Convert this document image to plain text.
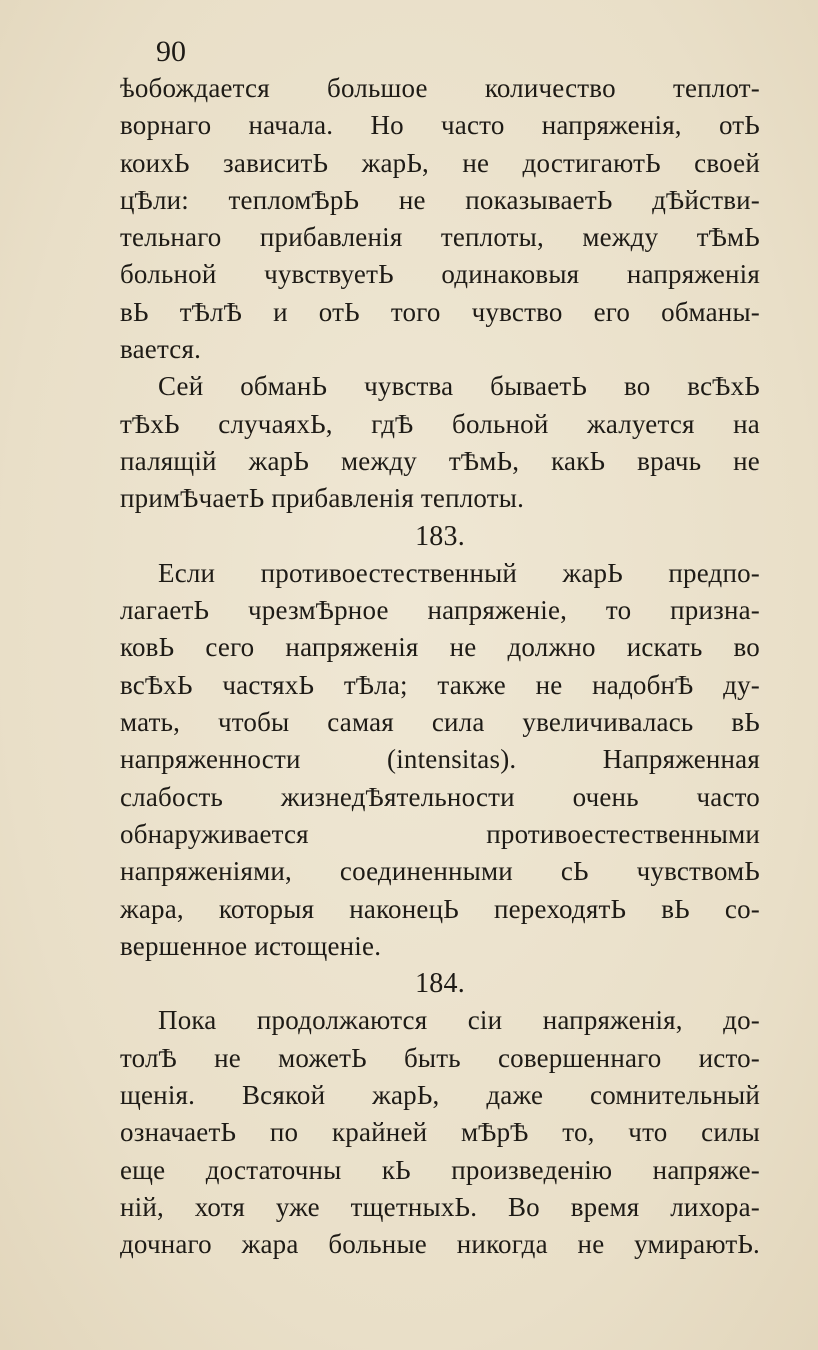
90
ѣобождается большое количество теплот-
ворнаго начала. Но часто напряженія, отЬ
коихЬ зависитЬ жарЬ, не достигаютЬ своей
цѢли: тепломѢрЬ не показываетЬ дѢйстви-
тельнаго прибавленія теплоты, между тѢмЬ
больной чувствуетЬ одинаковыя напряженія
вЬ тѢлѢ и отЬ того чувство его обманы-
вается.
Сей обманЬ чувства бываетЬ во всѢхЬ
тѢхЬ случаяхЬ, гдѢ больной жалуется на
палящій жарЬ между тѢмЬ, какЬ врачь не
примѢчаетЬ прибавленія теплоты.
183.
Если противоестественный жарЬ предпо-
лагаетЬ чрезмѢрное напряженіе, то призна-
ковЬ сего напряженія не должно искать во
всѢхЬ частяхЬ тѢла; также не надобнѢ ду-
мать, чтобы самая сила увеличивалась вЬ
напряженности (intensitas). Напряженная
слабость жизнедѢятельности очень часто
обнаруживается противоестественными
напряженіями, соединенными сЬ чувствомЬ
жара, которыя наконецЬ переходятЬ вЬ со-
вершенное истощеніе.
184.
Пока продолжаются сіи напряженія, до-
толѢ не можетЬ быть совершеннаго исто-
щенія. Всякой жарЬ, даже сомнительный
означаетЬ по крайней мѢрѢ то, что силы
еще достаточны кЬ произведенію напряже-
ній, хотя уже тщетныхЬ. Во время лихора-
дочнаго жара больные никогда не умираютЬ.
